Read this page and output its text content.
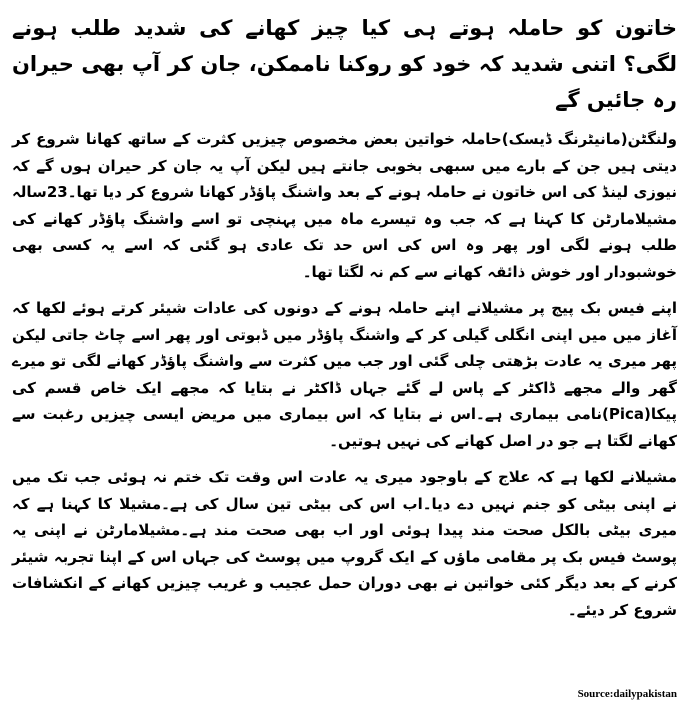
خاتون کو حاملہ ہوتے ہی کیا چیز کھانے کی شدید طلب ہونے لگی؟ اتنی شدید کہ خود کو روکنا ناممکن، جان کر آپ بھی حیران رہ جائیں گے

ولنگٹن(مانیٹرنگ ڈیسک)حاملہ خواتین بعض مخصوص چیزیں کثرت کے ساتھ کھانا شروع کر دیتی ہیں جن کے بارے میں سبھی بخوبی جانتے ہیں لیکن آپ یہ جان کر حیران ہوں گے کہ نیوزی لینڈ کی اس خاتون نے حاملہ ہونے کے بعد واشنگ پاؤڈر کھانا شروع کر دیا تھا۔23سالہ مشیلامارٹن کا کہنا ہے کہ جب وہ تیسرے ماہ میں پہنچی تو اسے واشنگ پاؤڈر کھانے کی طلب ہونے لگی اور پھر وہ اس کی اس حد تک عادی ہو گئی کہ اسے یہ کسی بھی خوشبودار اور خوش ذائقہ کھانے سے کم نہ لگتا تھا۔

اپنے فیس بک پیج پر مشیلانے اپنے حاملہ ہونے کے دونوں کی عادات شیئر کرتے ہوئے لکھا کہ آغاز میں میں اپنی انگلی گیلی کر کے واشنگ پاؤڈر میں ڈبوتی اور پھر اسے چاٹ جاتی لیکن پھر میری یہ عادت بڑھتی چلی گئی اور جب میں کثرت سے واشنگ پاؤڈر کھانے لگی تو میرے گھر والے مجھے ڈاکٹر کے پاس لے گئے جہاں ڈاکٹر نے بتایا کہ مجھے ایک خاص قسم کی پیکا(Pica)نامی بیماری ہے۔اس نے بتایا کہ اس بیماری میں مریض ایسی چیزیں رغبت سے کھانے لگتا ہے جو در اصل کھانے کی نہیں ہوتیں۔

مشیلانے لکھا ہے کہ علاج کے باوجود میری یہ عادت اس وقت تک ختم نہ ہوئی جب تک میں نے اپنی بیٹی کو جنم نہیں دے دیا۔اب اس کی بیٹی تین سال کی ہے۔مشیلا کا کہنا ہے کہ میری بیٹی بالکل صحت مند پیدا ہوئی اور اب بھی صحت مند ہے۔مشیلامارٹن نے اپنی یہ پوسٹ فیس بک پر مقامی ماؤں کے ایک گروپ میں پوسٹ کی جہاں اس کے اپنا تجربہ شیئر کرنے کے بعد دیگر کئی خواتین نے بھی دوران حمل عجیب و غریب چیزیں کھانے کے انکشافات شروع کر دیئے۔

Source:dailypakistan
